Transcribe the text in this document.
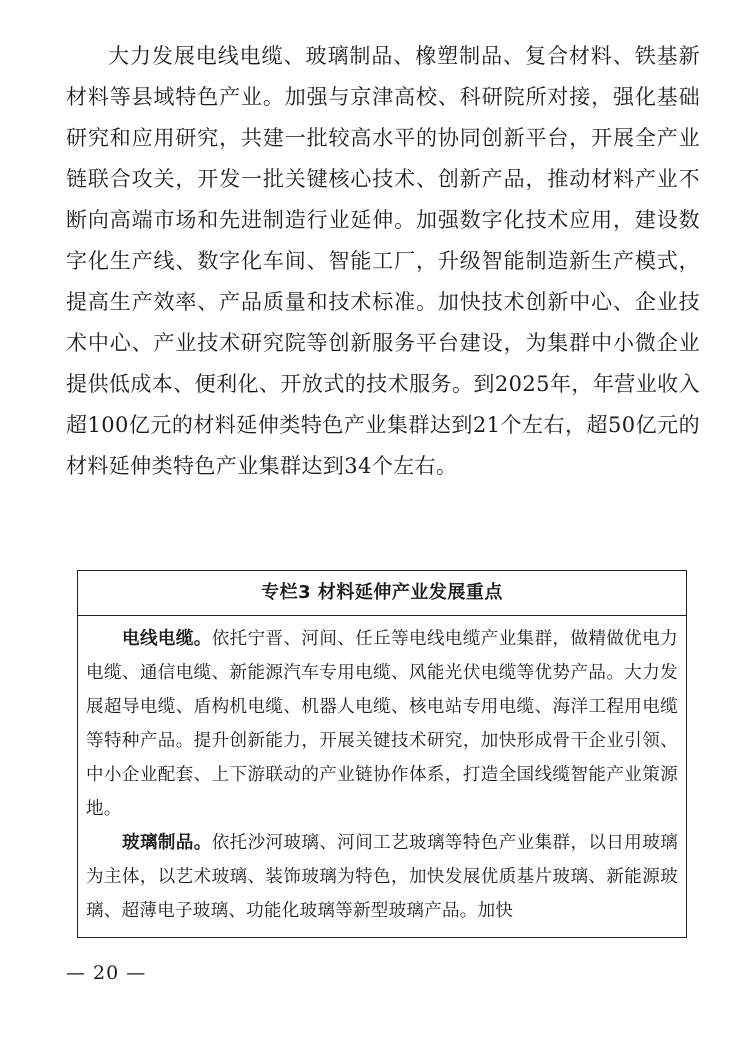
大力发展电线电缆、玻璃制品、橡塑制品、复合材料、铁基新材料等县域特色产业。加强与京津高校、科研院所对接，强化基础研究和应用研究，共建一批较高水平的协同创新平台，开展全产业链联合攻关，开发一批关键核心技术、创新产品，推动材料产业不断向高端市场和先进制造行业延伸。加强数字化技术应用，建设数字化生产线、数字化车间、智能工厂，升级智能制造新生产模式，提高生产效率、产品质量和技术标准。加快技术创新中心、企业技术中心、产业技术研究院等创新服务平台建设，为集群中小微企业提供低成本、便利化、开放式的技术服务。到2025年，年营业收入超100亿元的材料延伸类特色产业集群达到21个左右，超50亿元的材料延伸类特色产业集群达到34个左右。

专栏3 材料延伸产业发展重点

电线电缆。依托宁晋、河间、任丘等电线电缆产业集群，做精做优电力电缆、通信电缆、新能源汽车专用电缆、风能光伏电缆等优势产品。大力发展超导电缆、盾构机电缆、机器人电缆、核电站专用电缆、海洋工程用电缆等特种产品。提升创新能力，开展关键技术研究，加快形成骨干企业引领、中小企业配套、上下游联动的产业链协作体系，打造全国线缆智能产业策源地。

玻璃制品。依托沙河玻璃、河间工艺玻璃等特色产业集群，以日用玻璃为主体，以艺术玻璃、装饰玻璃为特色，加快发展优质基片玻璃、新能源玻璃、超薄电子玻璃、功能化玻璃等新型玻璃产品。加快

— 20 —
